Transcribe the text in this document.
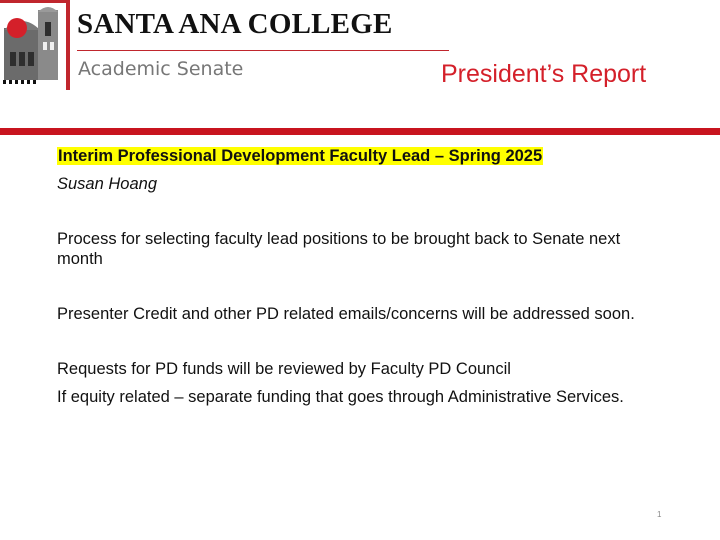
SANTA ANA COLLEGE
Academic Senate	President’s Report

Interim Professional Development Faculty Lead – Spring 2025

Susan Hoang

Process for selecting faculty lead positions to be brought back to Senate next month

Presenter Credit and other PD related emails/concerns will be addressed soon.

Requests for PD funds will be reviewed by Faculty PD Council

If equity related – separate funding that goes through Administrative Services.

1
